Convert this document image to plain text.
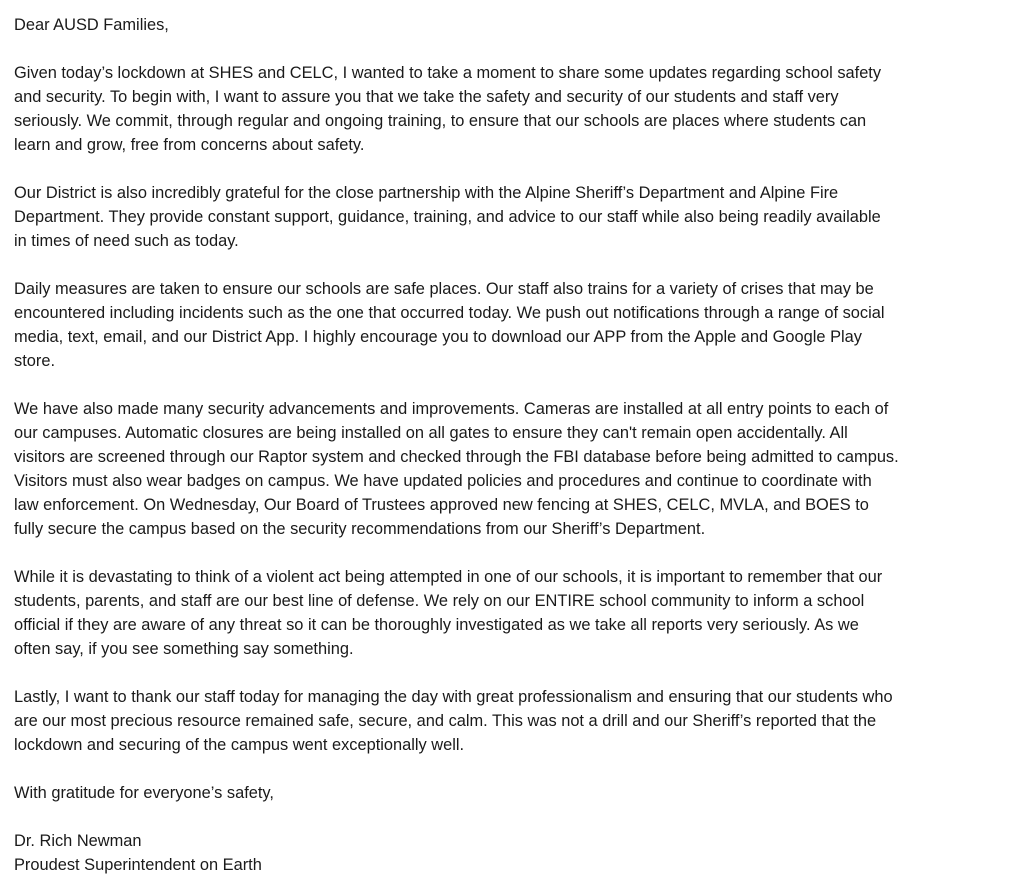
Dear AUSD Families,
Given today’s lockdown at SHES and CELC, I wanted to take a moment to share some updates regarding school safety
and security. To begin with, I want to assure you that we take the safety and security of our students and staff very
seriously. We commit, through regular and ongoing training, to ensure that our schools are places where students can
learn and grow, free from concerns about safety.
Our District is also incredibly grateful for the close partnership with the Alpine Sheriff’s Department and Alpine Fire
Department. They provide constant support, guidance, training, and advice to our staff while also being readily available
in times of need such as today.
Daily measures are taken to ensure our schools are safe places. Our staff also trains for a variety of crises that may be
encountered including incidents such as the one that occurred today. We push out notifications through a range of social
media, text, email, and our District App. I highly encourage you to download our APP from the Apple and Google Play
store.
We have also made many security advancements and improvements. Cameras are installed at all entry points to each of
our campuses. Automatic closures are being installed on all gates to ensure they can't remain open accidentally. All
visitors are screened through our Raptor system and checked through the FBI database before being admitted to campus.
Visitors must also wear badges on campus. We have updated policies and procedures and continue to coordinate with
law enforcement. On Wednesday, Our Board of Trustees approved new fencing at SHES, CELC, MVLA, and BOES to
fully secure the campus based on the security recommendations from our Sheriff’s Department.
While it is devastating to think of a violent act being attempted in one of our schools, it is important to remember that our
students, parents, and staff are our best line of defense. We rely on our ENTIRE school community to inform a school
official if they are aware of any threat so it can be thoroughly investigated as we take all reports very seriously. As we
often say, if you see something say something.
Lastly, I want to thank our staff today for managing the day with great professionalism and ensuring that our students who
are our most precious resource remained safe, secure, and calm. This was not a drill and our Sheriff’s reported that the
lockdown and securing of the campus went exceptionally well.
With gratitude for everyone’s safety,
Dr. Rich Newman
Proudest Superintendent on Earth
